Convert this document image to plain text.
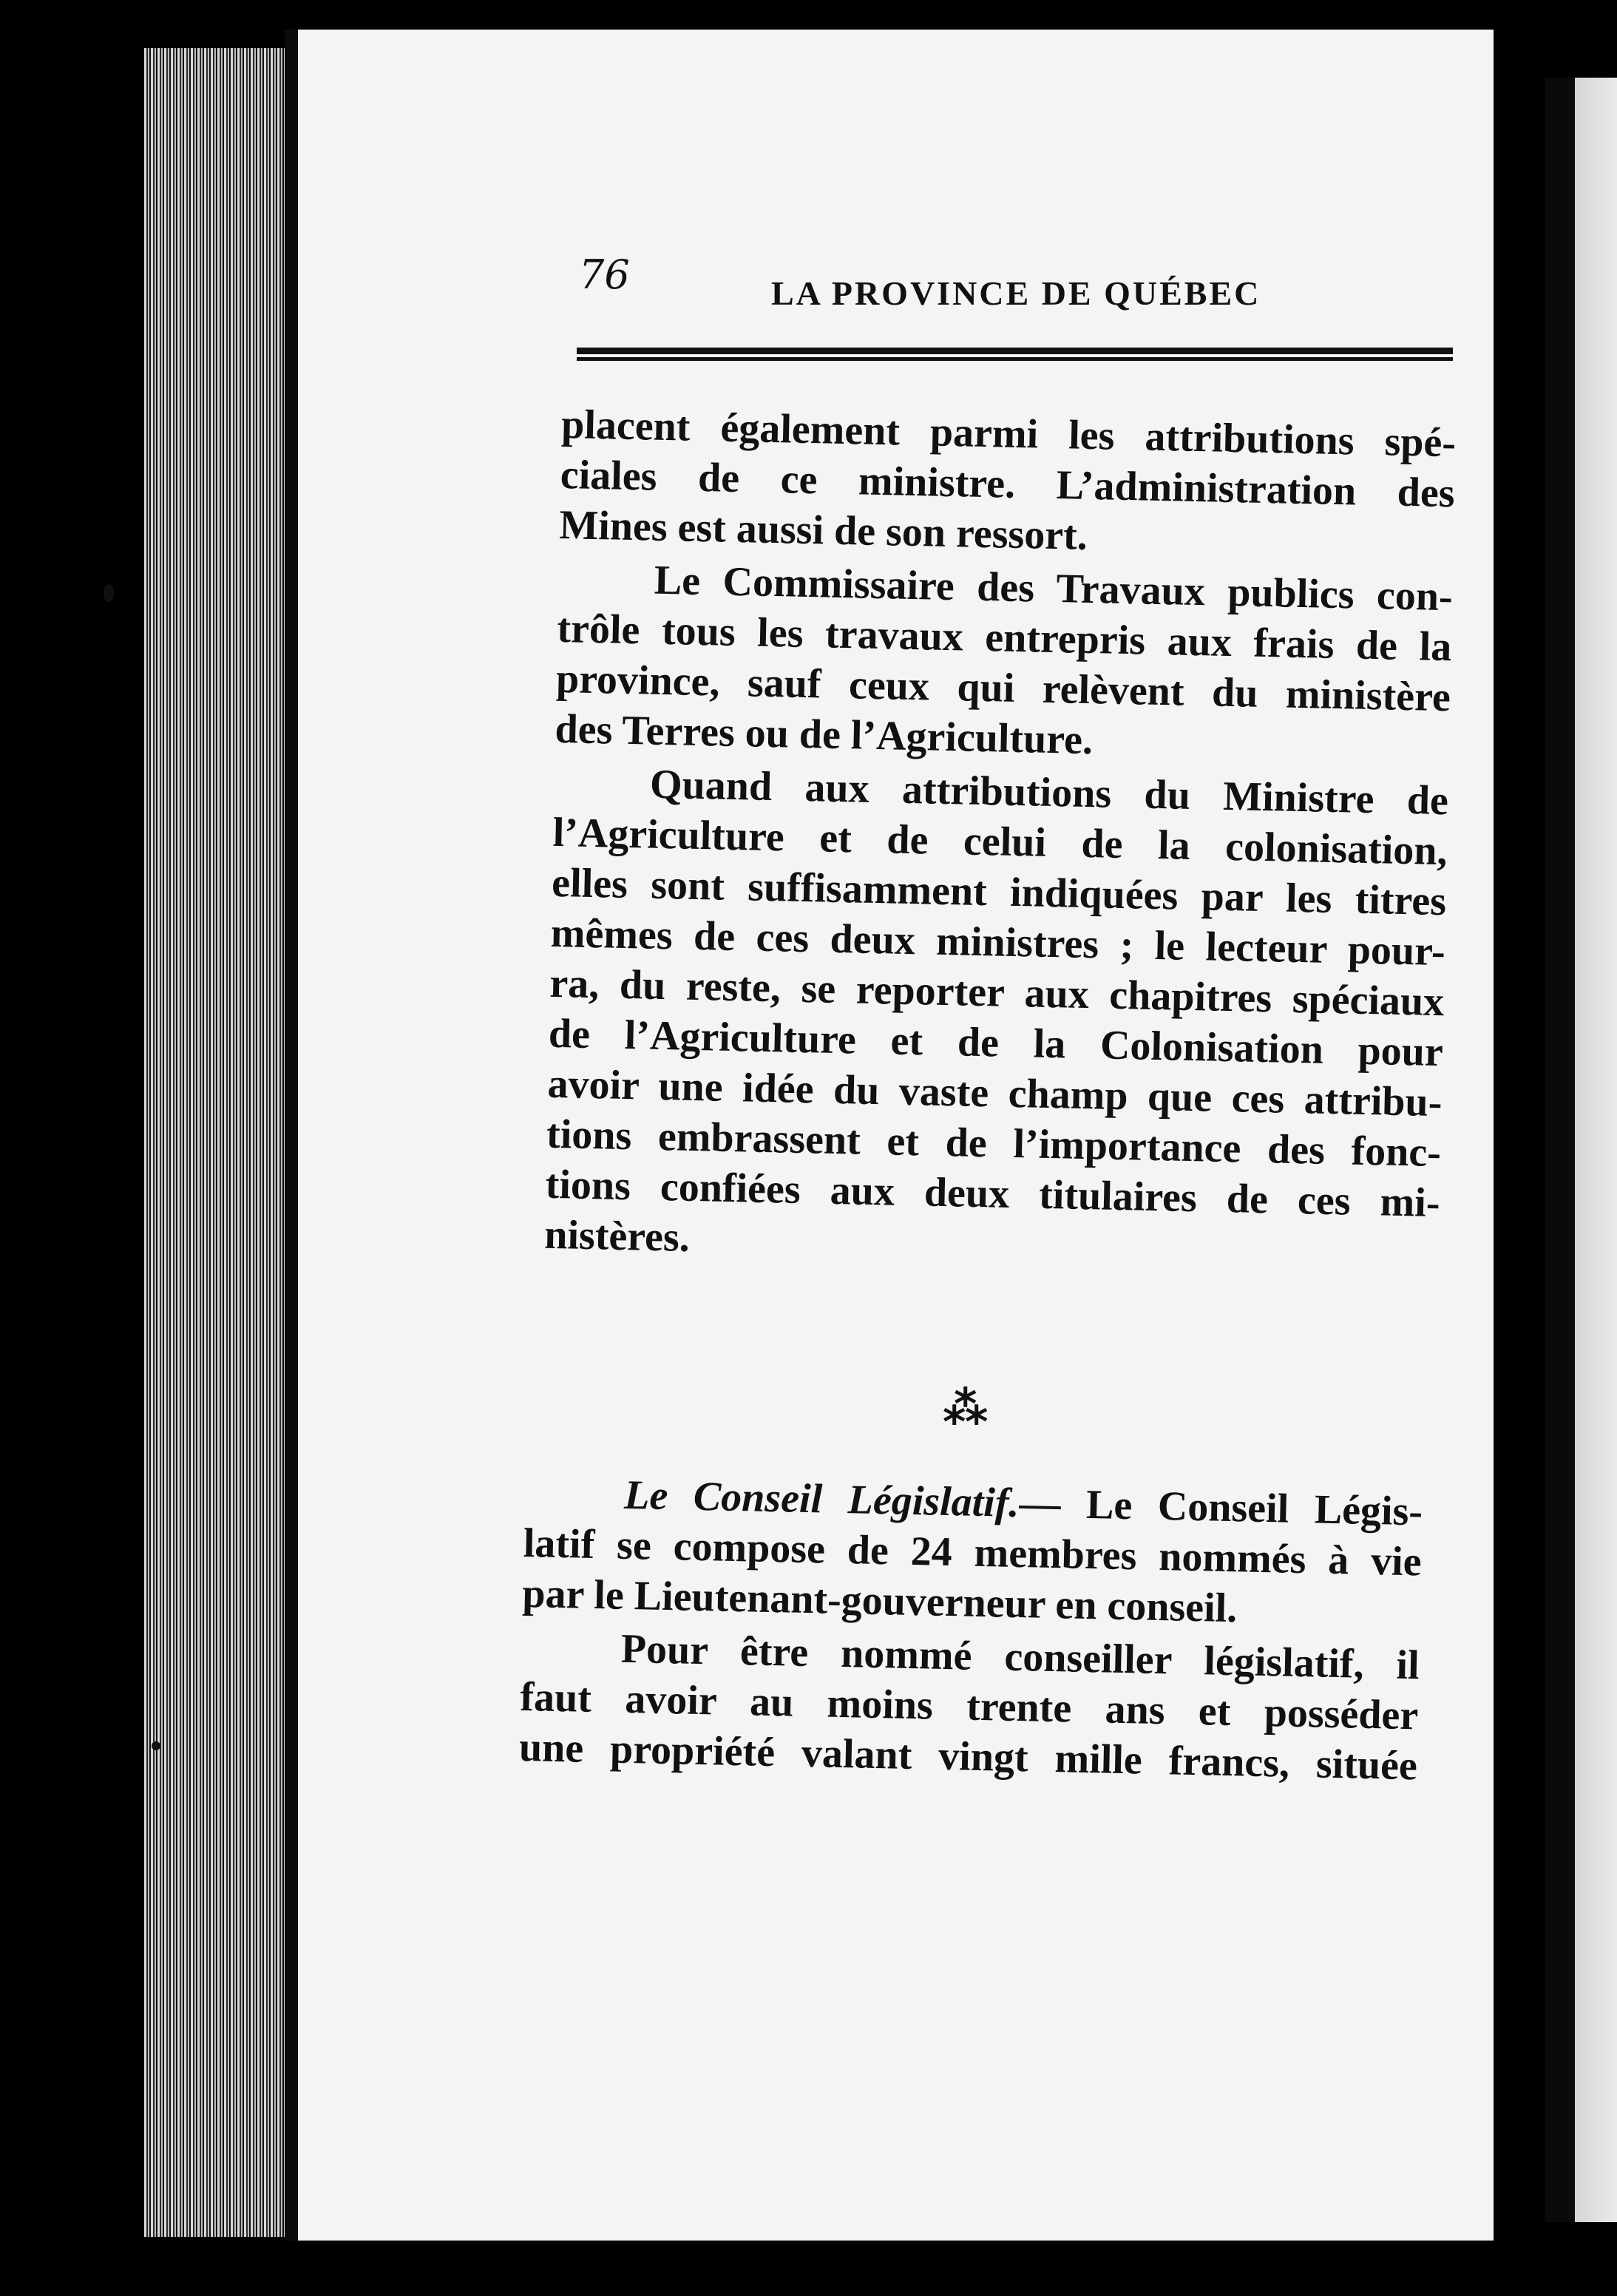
76	LA PROVINCE DE QUÉBEC
placent également parmi les attributions spé-
ciales de ce ministre. L’administration des
Mines est aussi de son ressort.
Le Commissaire des Travaux publics con-
trôle tous les travaux entrepris aux frais de la
province, sauf ceux qui relèvent du ministère
des Terres ou de l’Agriculture.
Quand aux attributions du Ministre de
l’Agriculture et de celui de la colonisation,
elles sont suffisamment indiquées par les titres
mêmes de ces deux ministres ; le lecteur pour-
ra, du reste, se reporter aux chapitres spéciaux
de l’Agriculture et de la Colonisation pour
avoir une idée du vaste champ que ces attribu-
tions embrassent et de l’importance des fonc-
tions confiées aux deux titulaires de ces mi-
nistères.
⁂
Le Conseil Législatif.— Le Conseil Légis-
latif se compose de 24 membres nommés à vie
par le Lieutenant-gouverneur en conseil.
Pour être nommé conseiller législatif, il
faut avoir au moins trente ans et posséder
une propriété valant vingt mille francs, située
